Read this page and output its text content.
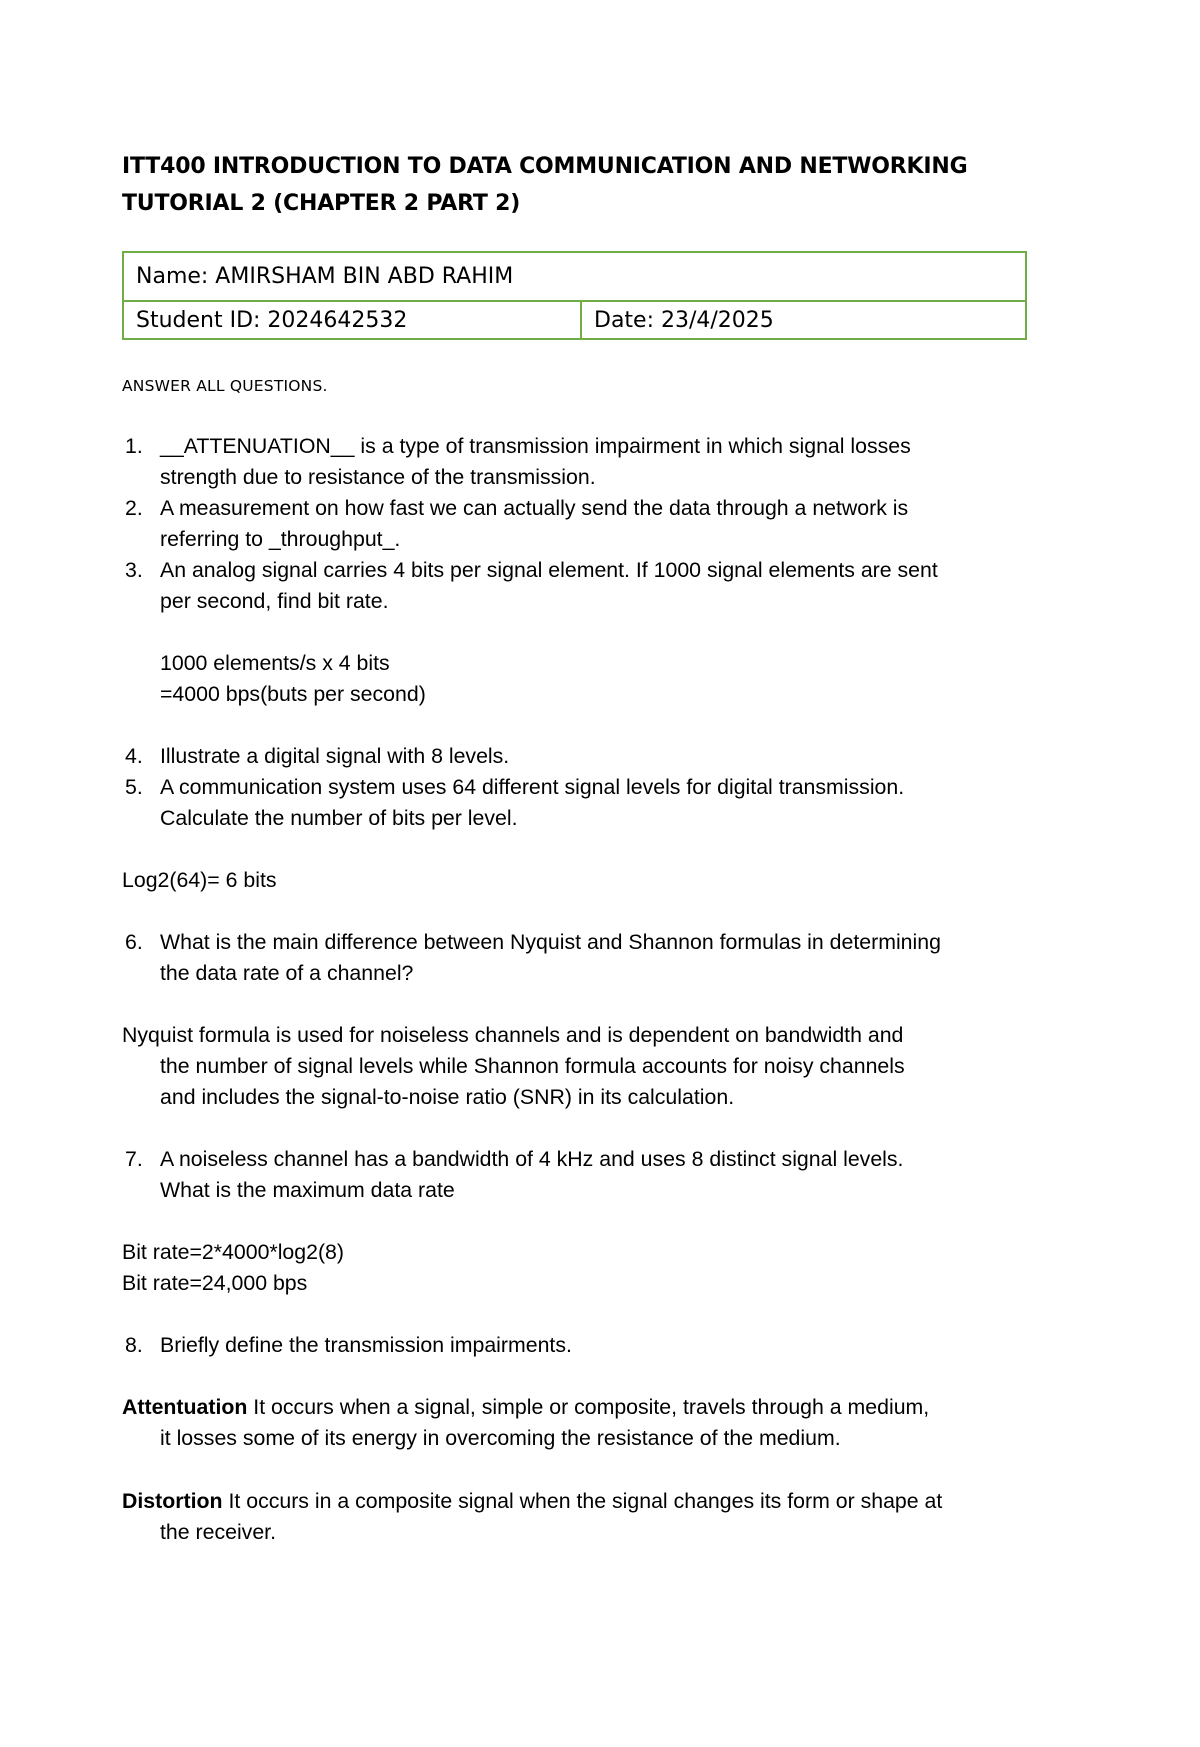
ITT400 INTRODUCTION TO DATA COMMUNICATION AND NETWORKING
TUTORIAL 2 (CHAPTER 2 PART 2)
Name: AMIRSHAM BIN ABD RAHIM
Student ID: 2024642532	Date: 23/4/2025
ANSWER ALL QUESTIONS.
1. __ATTENUATION__ is a type of transmission impairment in which signal losses
strength due to resistance of the transmission.
2. A measurement on how fast we can actually send the data through a network is
referring to _throughput_.
3. An analog signal carries 4 bits per signal element. If 1000 signal elements are sent
per second, find bit rate.
1000 elements/s x 4 bits
=4000 bps(buts per second)
4. Illustrate a digital signal with 8 levels.
5. A communication system uses 64 different signal levels for digital transmission.
Calculate the number of bits per level.
Log2(64)= 6 bits
6. What is the main difference between Nyquist and Shannon formulas in determining
the data rate of a channel?
Nyquist formula is used for noiseless channels and is dependent on bandwidth and
the number of signal levels while Shannon formula accounts for noisy channels
and includes the signal-to-noise ratio (SNR) in its calculation.
7. A noiseless channel has a bandwidth of 4 kHz and uses 8 distinct signal levels.
What is the maximum data rate
Bit rate=2*4000*log2(8)
Bit rate=24,000 bps
8. Briefly define the transmission impairments.
Attentuation It occurs when a signal, simple or composite, travels through a medium,
it losses some of its energy in overcoming the resistance of the medium.
Distortion It occurs in a composite signal when the signal changes its form or shape at
the receiver.
